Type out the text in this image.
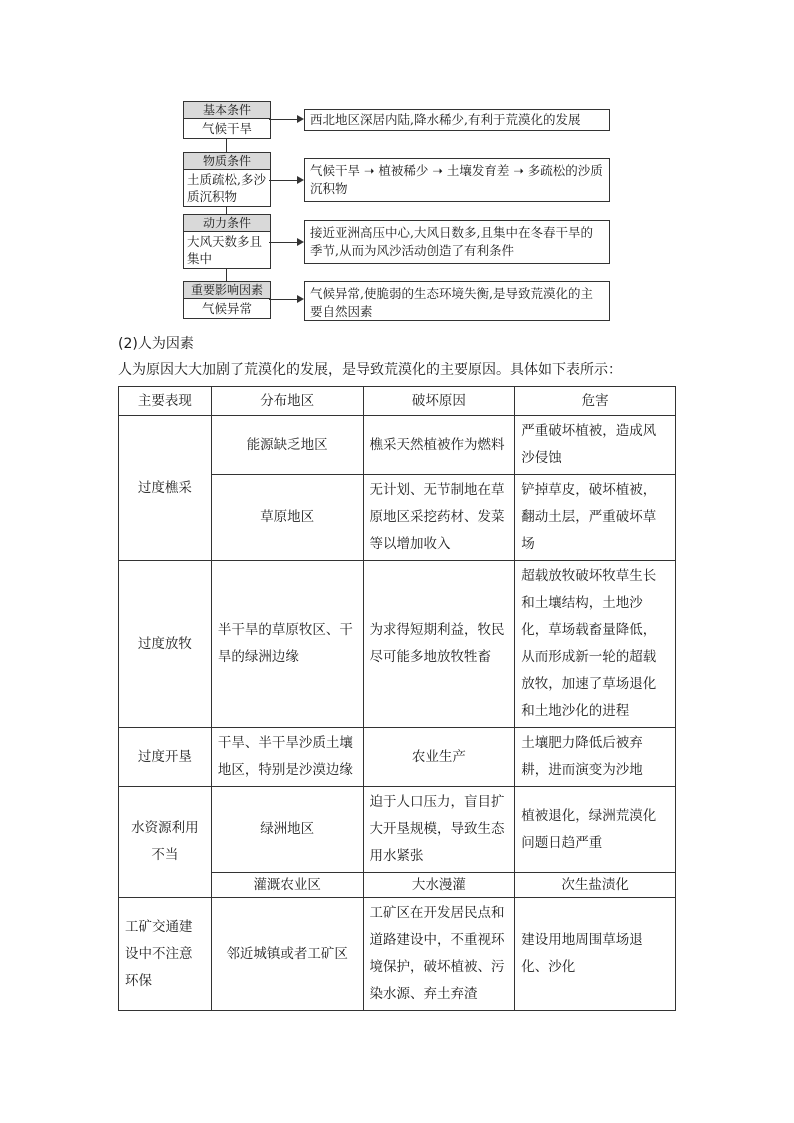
基本条件
气候干旱
西北地区深居内陆,降水稀少,有利于荒漠化的发展
物质条件
土质疏松,多沙质沉积物
气候干旱 ➝ 植被稀少 ➝ 土壤发育差 ➝ 多疏松的沙质沉积物
动力条件
大风天数多且集中
接近亚洲高压中心,大风日数多,且集中在冬春干旱的季节,从而为风沙活动创造了有利条件
重要影响因素
气候异常
气候异常,使脆弱的生态环境失衡,是导致荒漠化的主要自然因素
(2)人为因素
人为原因大大加剧了荒漠化的发展，是导致荒漠化的主要原因。具体如下表所示：
主要表现	分布地区	破坏原因	危害
过度樵采	能源缺乏地区	樵采天然植被作为燃料	严重破坏植被，造成风沙侵蚀
	草原地区	无计划、无节制地在草原地区采挖药材、发菜等以增加收入	铲掉草皮，破坏植被，翻动土层，严重破坏草场
过度放牧	半干旱的草原牧区、干旱的绿洲边缘	为求得短期利益，牧民尽可能多地放牧牲畜	超载放牧破坏牧草生长和土壤结构，土地沙化，草场载畜量降低，从而形成新一轮的超载放牧，加速了草场退化和土地沙化的进程
过度开垦	干旱、半干旱沙质土壤地区，特别是沙漠边缘	农业生产	土壤肥力降低后被弃耕，进而演变为沙地
水资源利用不当	绿洲地区	迫于人口压力，盲目扩大开垦规模，导致生态用水紧张	植被退化，绿洲荒漠化问题日趋严重
	灌溉农业区	大水漫灌	次生盐渍化
工矿交通建设中不注意环保	邻近城镇或者工矿区	工矿区在开发居民点和道路建设中，不重视环境保护，破坏植被、污染水源、弃土弃渣	建设用地周围草场退化、沙化
